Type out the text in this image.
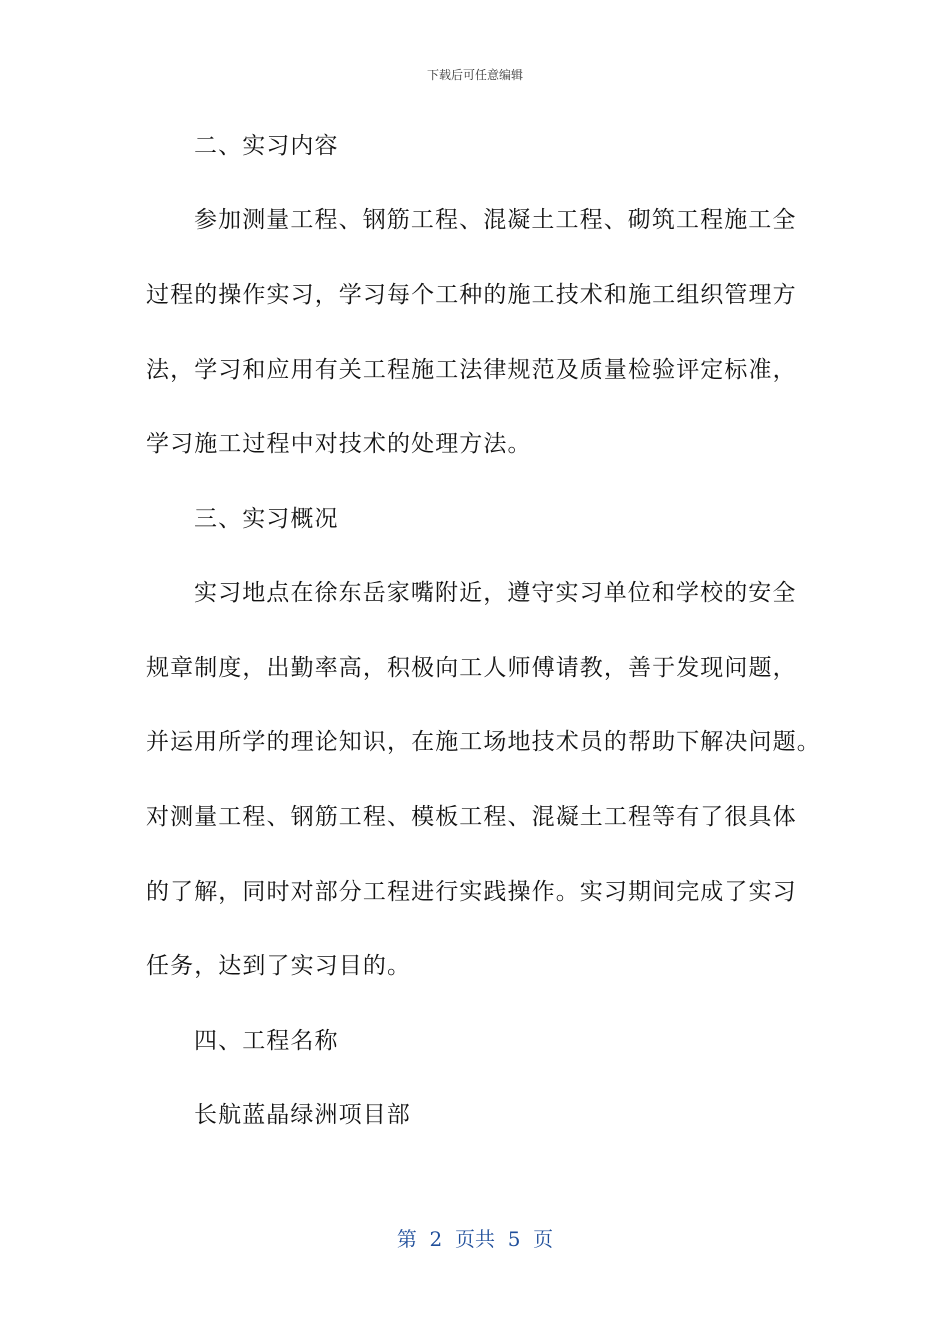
下载后可任意编辑
二、实习内容
参加测量工程、钢筋工程、混凝土工程、砌筑工程施工全
过程的操作实习，学习每个工种的施工技术和施工组织管理方
法，学习和应用有关工程施工法律规范及质量检验评定标准，
学习施工过程中对技术的处理方法。
三、实习概况
实习地点在徐东岳家嘴附近，遵守实习单位和学校的安全
规章制度，出勤率高，积极向工人师傅请教，善于发现问题，
并运用所学的理论知识，在施工场地技术员的帮助下解决问题。
对测量工程、钢筋工程、模板工程、混凝土工程等有了很具体
的了解，同时对部分工程进行实践操作。实习期间完成了实习
任务，达到了实习目的。
四、工程名称
长航蓝晶绿洲项目部
第  2  页共  5  页
